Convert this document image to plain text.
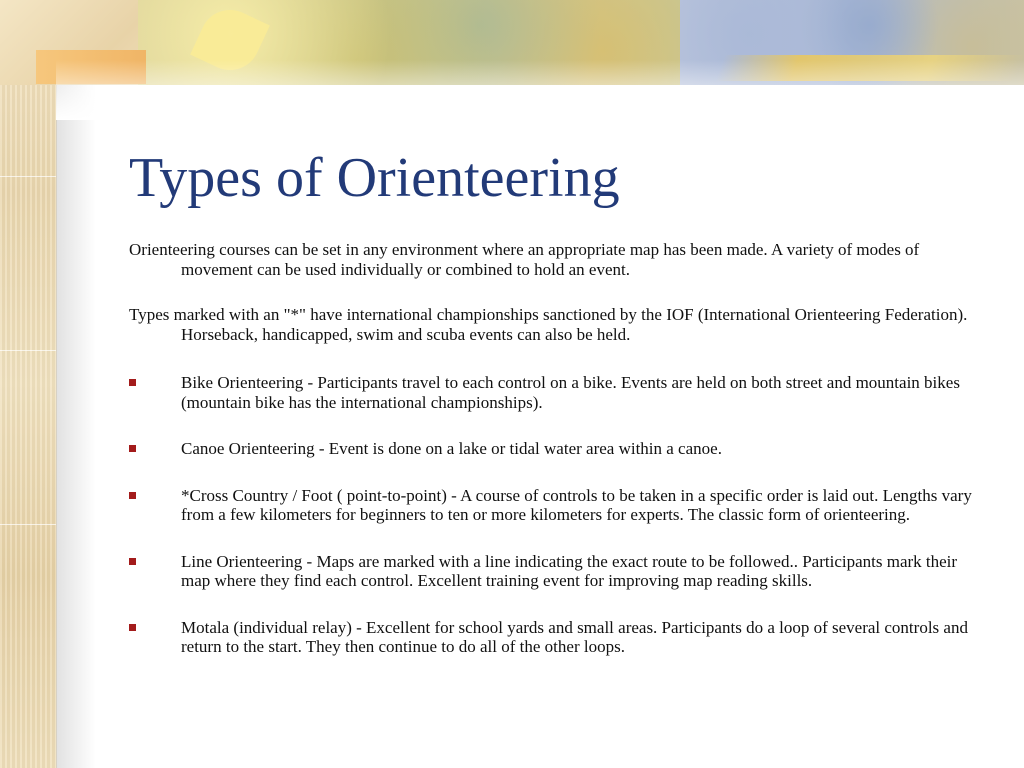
Types of Orienteering

Orienteering courses can be set in any environment where an appropriate map has been made. A variety of modes of movement can be used individually or combined to hold an event.

Types marked with an "*" have international championships sanctioned by the IOF (International Orienteering Federation). Horseback, handicapped, swim and scuba events can also be held.

Bike Orienteering - Participants travel to each control on a bike. Events are held on both street and mountain bikes (mountain bike has the international championships).
Canoe Orienteering - Event is done on a lake or tidal water area within a canoe.
*Cross Country / Foot ( point-to-point) - A course of controls to be taken in a specific order is laid out. Lengths vary from a few kilometers for beginners to ten or more kilometers for experts. The classic form of orienteering.
Line Orienteering - Maps are marked with a line indicating the exact route to be followed.. Participants mark their map where they find each control. Excellent training event for improving map reading skills.
Motala (individual relay) - Excellent for school yards and small areas. Participants do a loop of several controls and return to the start. They then continue to do all of the other loops.
